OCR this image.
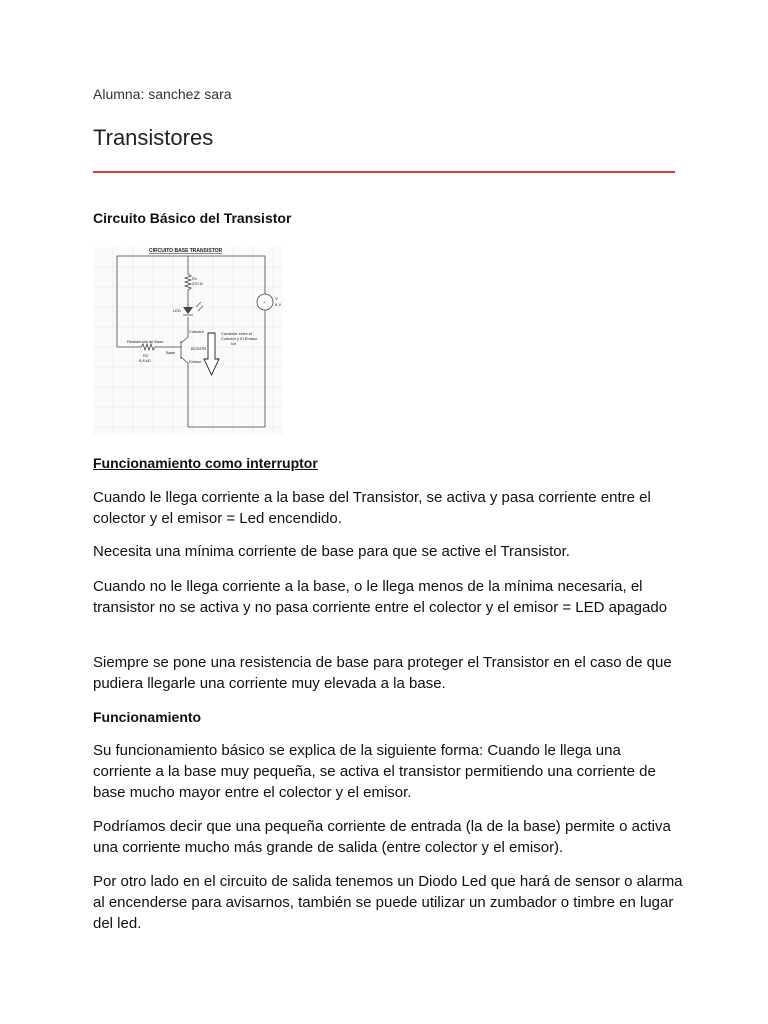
Alumna: sanchez sara
Transistores
Circuito Básico del Transistor
CIRCUITO BASE TRANSISTOR
+
V
6 V
R1
220 Ω
LED
Colector	Corriente entre el
Colector y El Emisor
Ice
BC547B
Base
Resistencia de Base
R2
6,8 kΩ	Emisor
Funcionamiento como interruptor

Cuando le llega corriente a la base del Transistor, se activa y pasa corriente entre el colector y el emisor = Led encendido.

Necesita una mínima corriente de base para que se active el Transistor.

Cuando no le llega corriente a la base, o le llega menos de la mínima necesaria, el transistor no se activa y no pasa corriente entre el colector y el emisor = LED apagado

Siempre se pone una resistencia de base para proteger el Transistor en el caso de que pudiera llegarle una corriente muy elevada a la base.

Funcionamiento

Su funcionamiento básico se explica de la siguiente forma: Cuando le llega una corriente a la base muy pequeña, se activa el transistor permitiendo una corriente de base mucho mayor entre el colector y el emisor.

Podríamos decir que una pequeña corriente de entrada (la de la base) permite o activa una corriente mucho más grande de salida (entre colector y el emisor).

Por otro lado en el circuito de salida tenemos un Diodo Led que hará de sensor o alarma al encenderse para avisarnos, también se puede utilizar un zumbador o timbre en lugar del led.
